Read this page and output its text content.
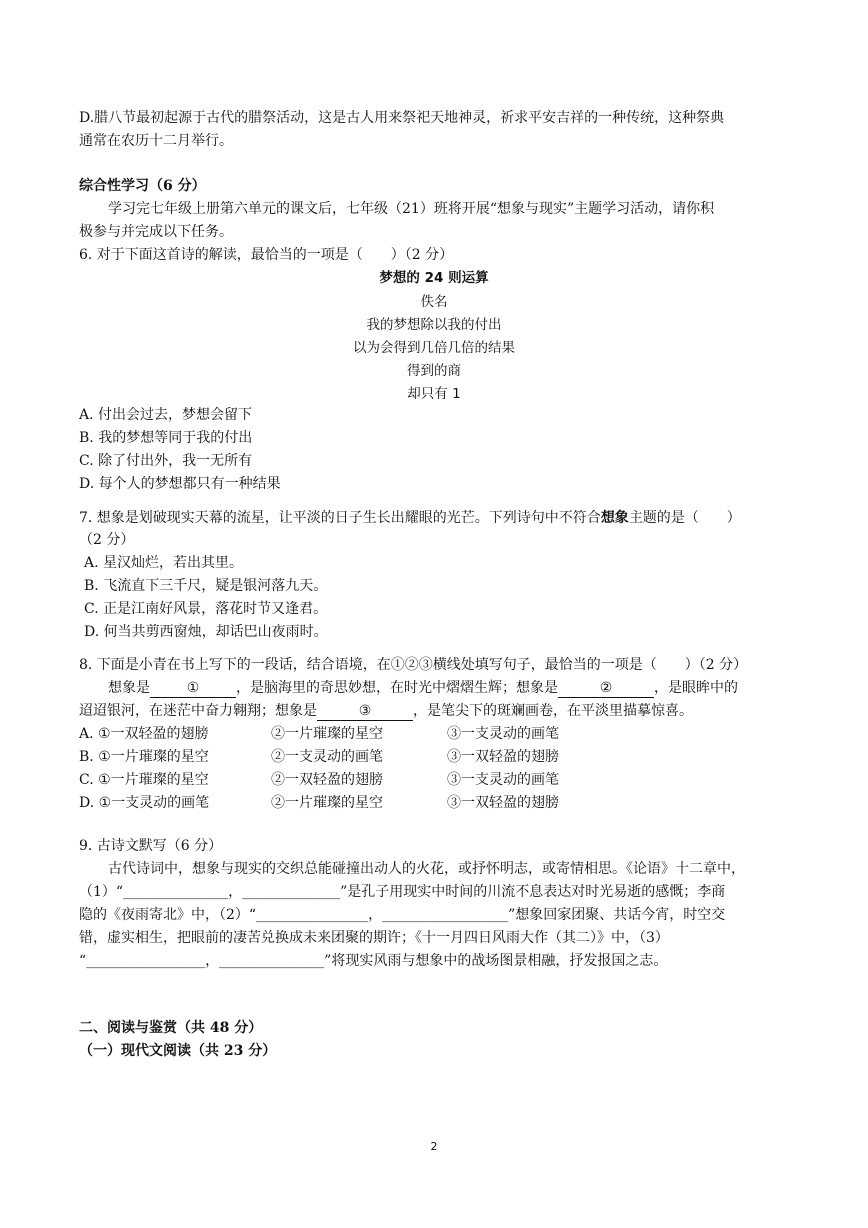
D.腊八节最初起源于古代的腊祭活动，这是古人用来祭祀天地神灵，祈求平安吉祥的一种传统，这种祭典
通常在农历十二月举行。
综合性学习（6 分）
学习完七年级上册第六单元的课文后，七年级（21）班将开展“想象与现实”主题学习活动，请你积
极参与并完成以下任务。
6. 对于下面这首诗的解读，最恰当的一项是（　　）（2 分）
梦想的 24 则运算
佚名
我的梦想除以我的付出
以为会得到几倍几倍的结果
得到的商
却只有 1
A. 付出会过去，梦想会留下
B. 我的梦想等同于我的付出
C. 除了付出外，我一无所有
D. 每个人的梦想都只有一种结果
7. 想象是划破现实天幕的流星，让平淡的日子生长出耀眼的光芒。下列诗句中不符合想象主题的是（　　）
（2 分）
A. 星汉灿烂，若出其里。
B. 飞流直下三千尺，疑是银河落九天。
C. 正是江南好风景，落花时节又逢君。
D. 何当共剪西窗烛，却话巴山夜雨时。
8. 下面是小青在书上写下的一段话，结合语境，在①②③横线处填写句子，最恰当的一项是（　　）（2 分）
想象是	①	，是脑海里的奇思妙想，在时光中熠熠生辉；想象是	②	，是眼眸中的
迢迢银河，在迷茫中奋力翱翔；想象是	③	，是笔尖下的斑斓画卷，在平淡里描摹惊喜。
A. ①一双轻盈的翅膀	②一片璀璨的星空	③一支灵动的画笔
B. ①一片璀璨的星空	②一支灵动的画笔	③一双轻盈的翅膀
C. ①一片璀璨的星空	②一双轻盈的翅膀	③一支灵动的画笔
D. ①一支灵动的画笔	②一片璀璨的星空	③一双轻盈的翅膀
9. 古诗文默写（6 分）
古代诗词中，想象与现实的交织总能碰撞出动人的火花，或抒怀明志，或寄情相思。《论语》十二章中，
（1）“_______________，______________”是孔子用现实中时间的川流不息表达对时光易逝的感慨；李商
隐的《夜雨寄北》中，（2）“________________，__________________”想象回家团聚、共话今宵，时空交
错，虚实相生，把眼前的凄苦兑换成未来团聚的期许；《十一月四日风雨大作（其二）》中，（3）
“_________________，_______________”将现实风雨与想象中的战场图景相融，抒发报国之志。
二、阅读与鉴赏（共 48 分）
（一）现代文阅读（共 23 分）
2
